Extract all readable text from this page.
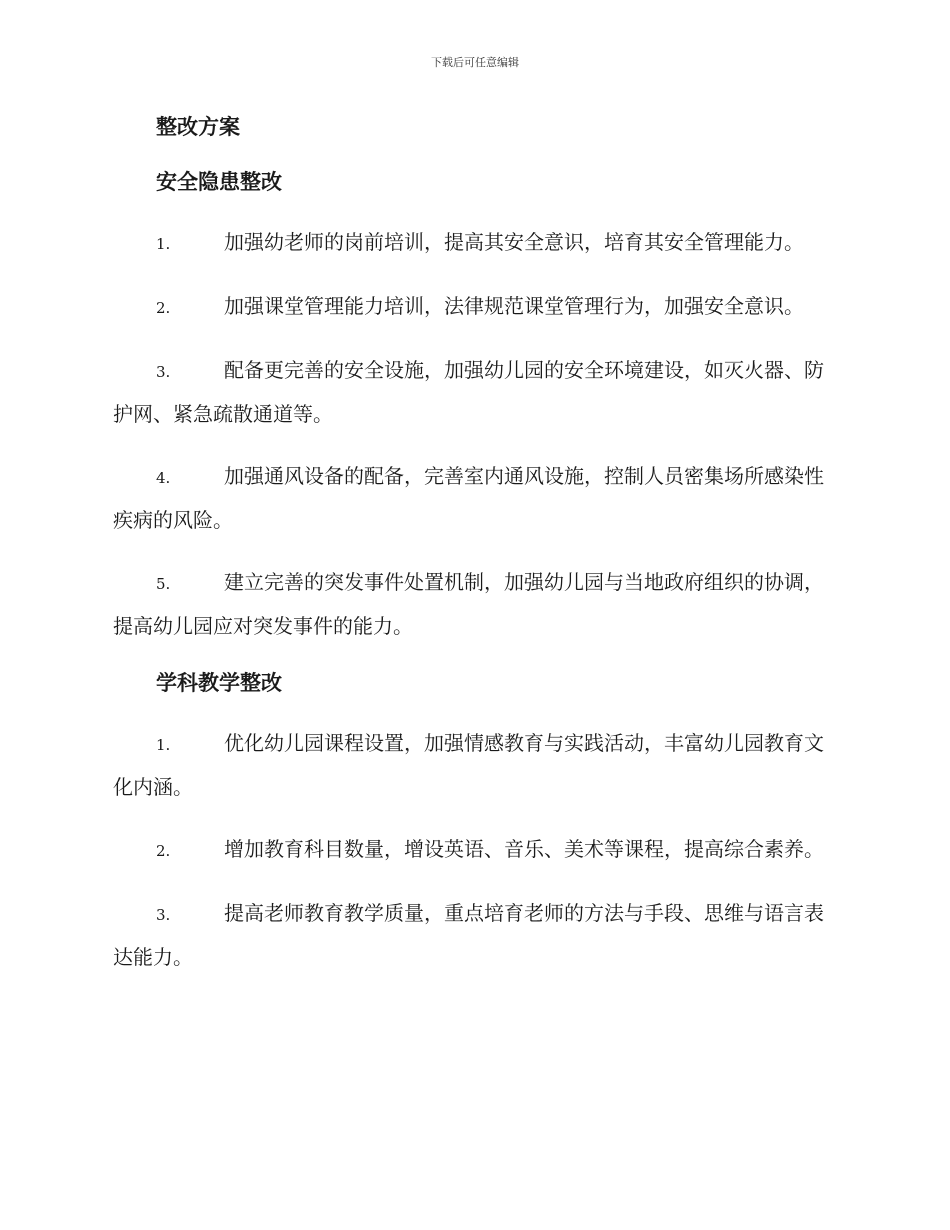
下载后可任意编辑
整改方案
安全隐患整改
1.	加强幼老师的岗前培训，提高其安全意识，培育其安全管理能力。
2.	加强课堂管理能力培训，法律规范课堂管理行为，加强安全意识。
3.	配备更完善的安全设施，加强幼儿园的安全环境建设，如灭火器、防护网、紧急疏散通道等。
4.	加强通风设备的配备，完善室内通风设施，控制人员密集场所感染性疾病的风险。
5.	建立完善的突发事件处置机制，加强幼儿园与当地政府组织的协调，提高幼儿园应对突发事件的能力。
学科教学整改
1.	优化幼儿园课程设置，加强情感教育与实践活动，丰富幼儿园教育文化内涵。
2.	增加教育科目数量，增设英语、音乐、美术等课程，提高综合素养。
3.	提高老师教育教学质量，重点培育老师的方法与手段、思维与语言表达能力。
